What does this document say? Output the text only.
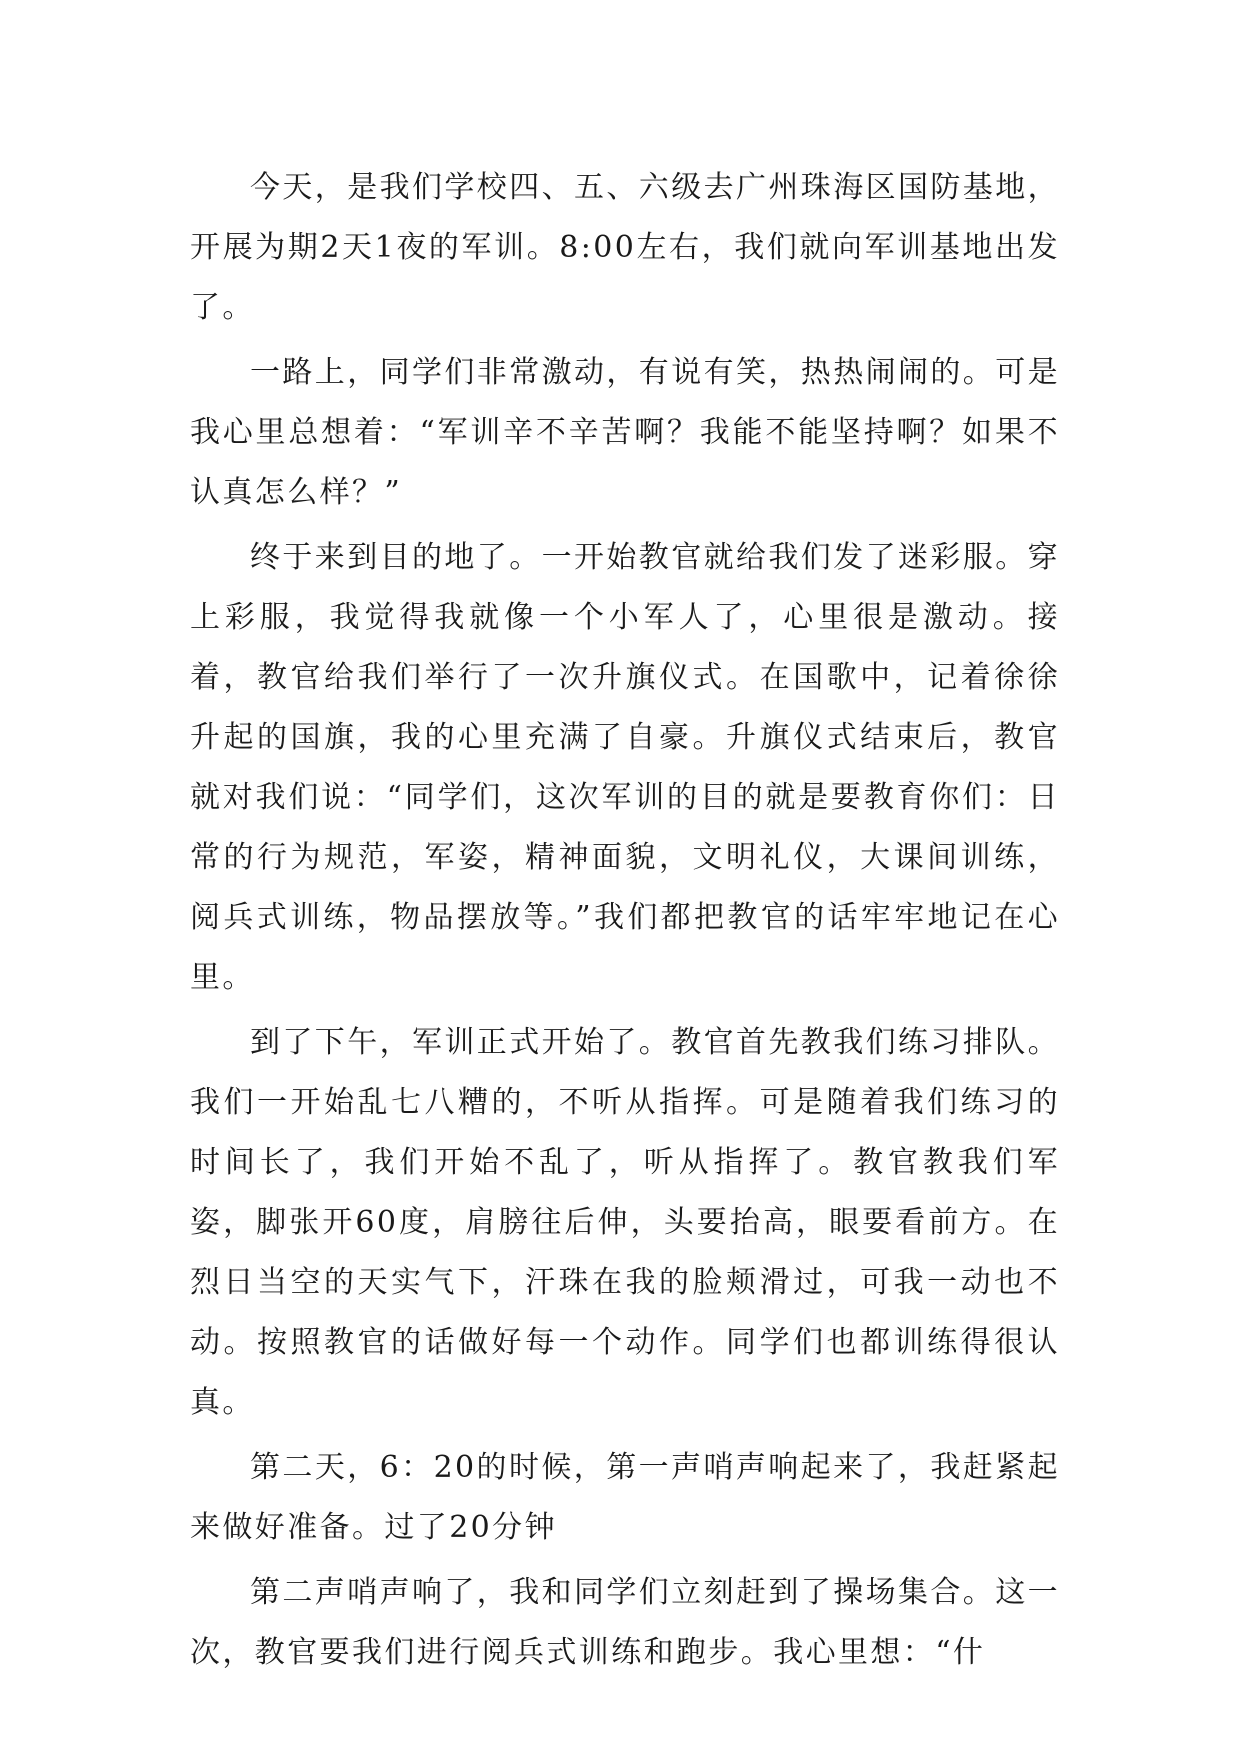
今天，是我们学校四、五、六级去广州珠海区国防基地，开展为期2天1夜的军训。8:00左右，我们就向军训基地出发了。

一路上，同学们非常激动，有说有笑，热热闹闹的。可是我心里总想着：“军训辛不辛苦啊？我能不能坚持啊？如果不认真怎么样？”

终于来到目的地了。一开始教官就给我们发了迷彩服。穿上彩服，我觉得我就像一个小军人了，心里很是激动。接着，教官给我们举行了一次升旗仪式。在国歌中，记着徐徐升起的国旗，我的心里充满了自豪。升旗仪式结束后，教官就对我们说：“同学们，这次军训的目的就是要教育你们：日常的行为规范，军姿，精神面貌，文明礼仪，大课间训练，阅兵式训练，物品摆放等。”我们都把教官的话牢牢地记在心里。

到了下午，军训正式开始了。教官首先教我们练习排队。我们一开始乱七八糟的，不听从指挥。可是随着我们练习的时间长了，我们开始不乱了，听从指挥了。教官教我们军姿，脚张开60度，肩膀往后伸，头要抬高，眼要看前方。在烈日当空的天实气下，汗珠在我的脸颊滑过，可我一动也不动。按照教官的话做好每一个动作。同学们也都训练得很认真。

第二天，6：20的时候，第一声哨声响起来了，我赶紧起来做好准备。过了20分钟

第二声哨声响了，我和同学们立刻赶到了操场集合。这一次，教官要我们进行阅兵式训练和跑步。我心里想：“什
